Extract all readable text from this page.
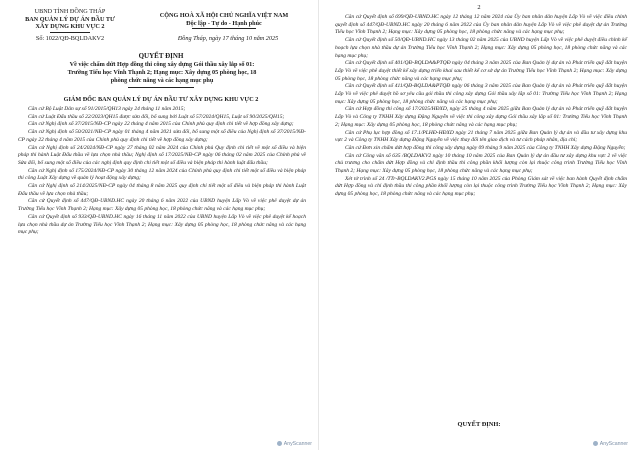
UBND TỈNH ĐỒNG THÁP
BAN QUẢN LÝ DỰ ÁN ĐẦU TƯ
XÂY DỰNG KHU VỰC 2
Số: 1022/QĐ-BQLDAKV2
CỘNG HOÀ XÃ HỘI CHỦ NGHĨA VIỆT NAM
Độc lập - Tự do - Hạnh phúc
Đồng Tháp, ngày 17 tháng 10 năm 2025
QUYẾT ĐỊNH
Về việc chấm dứt Hợp đồng thi công xây dựng Gói thầu xây lắp số 01:
Trường Tiểu học Vĩnh Thạnh 2; Hạng mục: Xây dựng 05 phòng học, 18
phòng chức năng và các hạng mục phụ
GIÁM ĐỐC BAN QUẢN LÝ DỰ ÁN ĐẦU TƯ XÂY DỰNG KHU VỰC 2

Căn cứ Bộ Luật Dân sự số 91/2015/QH13 ngày 24 tháng 11 năm 2015;

Căn cứ Luật Đấu thầu số 22/2023/QH15 được sửa đổi, bổ sung bởi Luật số 57/2024/QH15, Luật số 90/2025/QH15;

Căn cứ Nghị định số 37/2015/NĐ-CP ngày 22 tháng 4 năm 2015 của Chính phủ quy định chi tiết về hợp đồng xây dựng;

Căn cứ Nghị định số 50/2021/NĐ-CP ngày 01 tháng 4 năm 2021 sửa đổi, bổ sung một số điều của Nghị định số 37/2015/NĐ-CP ngày 22 tháng 4 năm 2015 của Chính phủ quy định chi tiết về hợp đồng xây dựng;

Căn cứ Nghị định số 24/2024/NĐ-CP ngày 27 tháng 02 năm 2024 của Chính phủ Quy định chi tiết về một số điều và biện pháp thi hành Luật Đấu thầu về lựa chọn nhà thầu; Nghị định số 17/2025/NĐ-CP ngày 06 tháng 02 năm 2025 của Chính phủ về Sửa đổi, bổ sung một số điều của các nghị định quy định chi tiết một số điều và biện pháp thi hành luật đấu thầu;

Căn cứ Nghị định số 175/2024/NĐ-CP ngày 30 tháng 12 năm 2024 của Chính phủ quy định chi tiết một số điều và biện pháp thi công Luật Xây dựng về quản lý hoạt động xây dựng;

Căn cứ Nghị định số 214/2025/NĐ-CP ngày 04 tháng 8 năm 2025 quy định chi tiết một số điều và biện pháp thi hành Luật Đấu thầu về lựa chọn nhà thầu;

Căn cứ Quyết định số 447/QĐ-UBND.HC ngày 20 tháng 6 năm 2022 của UBND huyện Lấp Vò về việc phê duyệt dự án Trường Tiểu học Vĩnh Thạnh 2; Hạng mục: Xây dựng 05 phòng học, 18 phòng chức năng và các hạng mục phụ;

Căn cứ Quyết định số 933/QĐ-UBND.HC ngày 16 tháng 11 năm 2022 của UBND huyện Lấp Vò về việc phê duyệt kế hoạch lựa chọn nhà thầu dự án Trường Tiểu học Vĩnh Thạnh 2; Hạng mục: Xây dựng 05 phòng học, 18 phòng chức năng và các hạng mục phụ;

AnyScanner
2

Căn cứ Quyết định số 699/QĐ-UBND.HC ngày 12 tháng 12 năm 2024 của Ủy ban nhân dân huyện Lấp Vò về việc điều chỉnh quyết định số 447/QĐ-UBND.HC ngày 20 tháng 6 năm 2022 của Ủy ban nhân dân huyện Lấp Vò về việc phê duyệt dự án Trường Tiểu học Vĩnh Thạnh 2; Hạng mục: Xây dựng 05 phòng học, 18 phòng chức năng và các hạng mục phụ;

Căn cứ Quyết định số 50/QĐ-UBND.HC ngày 13 tháng 02 năm 2025 của UBND huyện Lấp Vò về việc phê duyệt điều chỉnh kế hoạch lựa chọn nhà thầu dự án Trường Tiểu học Vĩnh Thạnh 2; Hạng mục: Xây dựng 05 phòng học, 18 phòng chức năng và các hạng mục phụ;

Căn cứ Quyết định số 401/QĐ-BQLDA&PTQĐ ngày 04 tháng 3 năm 2025 của Ban Quản lý dự án và Phát triển quỹ đất huyện Lấp Vò về việc phê duyệt thiết kế xây dựng triển khai sau thiết kế cơ sở dự án Trường Tiểu học Vĩnh Thạnh 2; Hạng mục: Xây dựng 05 phòng học, 18 phòng chức năng và các hạng mục phụ;

Căn cứ Quyết định số 411/QĐ-BQLDA&PTQĐ ngày 06 tháng 3 năm 2025 của Ban Quản lý dự án và Phát triển quỹ đất huyện Lấp Vò về việc phê duyệt hồ sơ yêu cầu gói thầu thi công xây dựng Gói thầu xây lắp số 01: Trường Tiểu học Vĩnh Thạnh 2; Hạng mục: Xây dựng 05 phòng học, 18 phòng chức năng và các hạng mục phụ;

Căn cứ Hợp đồng thi công số 17/2025/HĐXD, ngày 25 tháng 4 năm 2025 giữa Ban Quản lý dự án và Phát triển quỹ đất huyện Lấp Vò và Công ty TNHH Xây dựng Đặng Nguyễn về việc thi công xây dựng Gói thầu xây lắp số 01: Trường Tiểu học Vĩnh Thạnh 2; Hạng mục: Xây dựng 05 phòng học, 18 phòng chức năng và các hạng mục phụ;

Căn cứ Phụ lục hợp đồng số 17.1/PLHĐ-HĐXD ngày 21 tháng 7 năm 2025 giữa Ban Quản lý dự án và đầu tư xây dựng khu vực 2 và Công ty TNHH Xây dựng Đặng Nguyễn về việc thay đổi tên giao dịch và tư cách pháp nhân, địa chỉ;

Căn cứ Đơn xin chấm dứt hợp đồng thi công xây dựng ngày 09 tháng 9 năm 2025 của Công ty TNHH Xây dựng Đặng Nguyễn;

Căn cứ Công văn số 635 /BQLDAKV2 ngày 10 tháng 10 năm 2025 của Ban Quản lý dự án đầu tư xây dựng khu vực 2 về việc chủ trương cho chấm dứt Hợp đồng và chỉ định thầu thi công phần khối lượng còn lại thuộc công trình Trường Tiểu học Vĩnh Thạnh 2; Hạng mục: Xây dựng 05 phòng học, 18 phòng chức năng và các hạng mục phụ;

Xét tờ trình số 24 /TTr-BQLDAKV2.PGS ngày 15 tháng 10 năm 2025 của Phòng Giám sát về việc ban hành Quyết định chấm dứt Hợp đồng và chỉ định thầu thi công phần khối lượng còn lại thuộc công trình Trường Tiểu học Vĩnh Thạnh 2; Hạng mục: Xây dựng 05 phòng học, 18 phòng chức năng và các hạng mục phụ;

QUYẾT ĐỊNH:
AnyScanner
